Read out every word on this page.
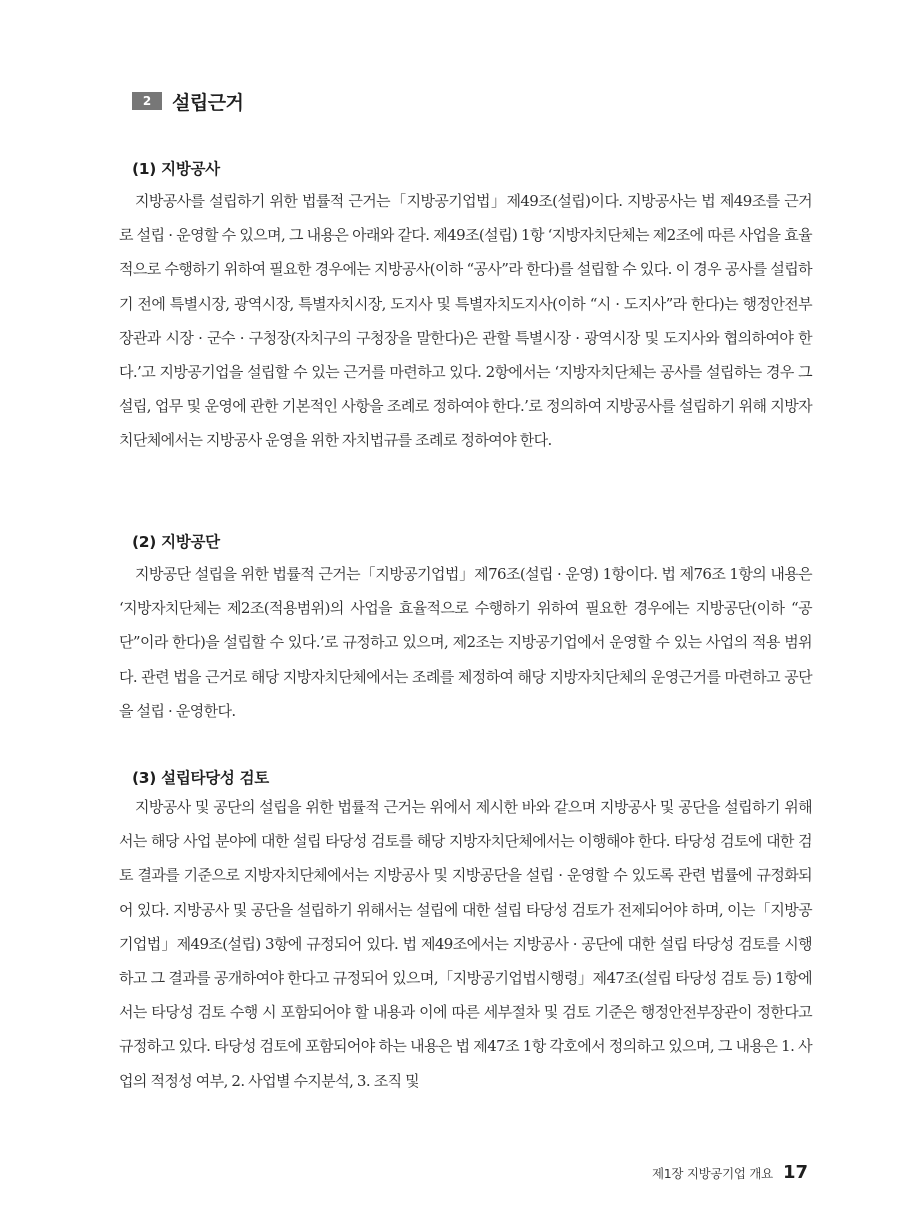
2	설립근거
(1) 지방공사

지방공사를 설립하기 위한 법률적 근거는「지방공기업법」제49조(설립)이다. 지방공사는 법 제49조를 근거로 설립 · 운영할 수 있으며, 그 내용은 아래와 같다. 제49조(설립) 1항 ‘지방자치단체는 제2조에 따른 사업을 효율적으로 수행하기 위하여 필요한 경우에는 지방공사(이하 “공사”라 한다)를 설립할 수 있다. 이 경우 공사를 설립하기 전에 특별시장, 광역시장, 특별자치시장, 도지사 및 특별자치도지사(이하 “시 · 도지사”라 한다)는 행정안전부장관과 시장 · 군수 · 구청장(자치구의 구청장을 말한다)은 관할 특별시장 · 광역시장 및 도지사와 협의하여야 한다.’고 지방공기업을 설립할 수 있는 근거를 마련하고 있다. 2항에서는 ‘지방자치단체는 공사를 설립하는 경우 그 설립, 업무 및 운영에 관한 기본적인 사항을 조례로 정하여야 한다.’로 정의하여 지방공사를 설립하기 위해 지방자치단체에서는 지방공사 운영을 위한 자치법규를 조례로 정하여야 한다.

(2) 지방공단

지방공단 설립을 위한 법률적 근거는「지방공기업법」제76조(설립 · 운영) 1항이다. 법 제76조 1항의 내용은 ‘지방자치단체는 제2조(적용범위)의 사업을 효율적으로 수행하기 위하여 필요한 경우에는 지방공단(이하 “공단”이라 한다)을 설립할 수 있다.’로 규정하고 있으며, 제2조는 지방공기업에서 운영할 수 있는 사업의 적용 범위다. 관련 법을 근거로 해당 지방자치단체에서는 조례를 제정하여 해당 지방자치단체의 운영근거를 마련하고 공단을 설립 · 운영한다.

(3) 설립타당성 검토

지방공사 및 공단의 설립을 위한 법률적 근거는 위에서 제시한 바와 같으며 지방공사 및 공단을 설립하기 위해서는 해당 사업 분야에 대한 설립 타당성 검토를 해당 지방자치단체에서는 이행해야 한다. 타당성 검토에 대한 검토 결과를 기준으로 지방자치단체에서는 지방공사 및 지방공단을 설립 · 운영할 수 있도록 관련 법률에 규정화되어 있다. 지방공사 및 공단을 설립하기 위해서는 설립에 대한 설립 타당성 검토가 전제되어야 하며, 이는「지방공기업법」제49조(설립) 3항에 규정되어 있다. 법 제49조에서는 지방공사 · 공단에 대한 설립 타당성 검토를 시행하고 그 결과를 공개하여야 한다고 규정되어 있으며,「지방공기업법시행령」제47조(설립 타당성 검토 등) 1항에서는 타당성 검토 수행 시 포함되어야 할 내용과 이에 따른 세부절차 및 검토 기준은 행정안전부장관이 정한다고 규정하고 있다. 타당성 검토에 포함되어야 하는 내용은 법 제47조 1항 각호에서 정의하고 있으며, 그 내용은 1. 사업의 적정성 여부, 2. 사업별 수지분석, 3. 조직 및

제1장 지방공기업 개요 17
